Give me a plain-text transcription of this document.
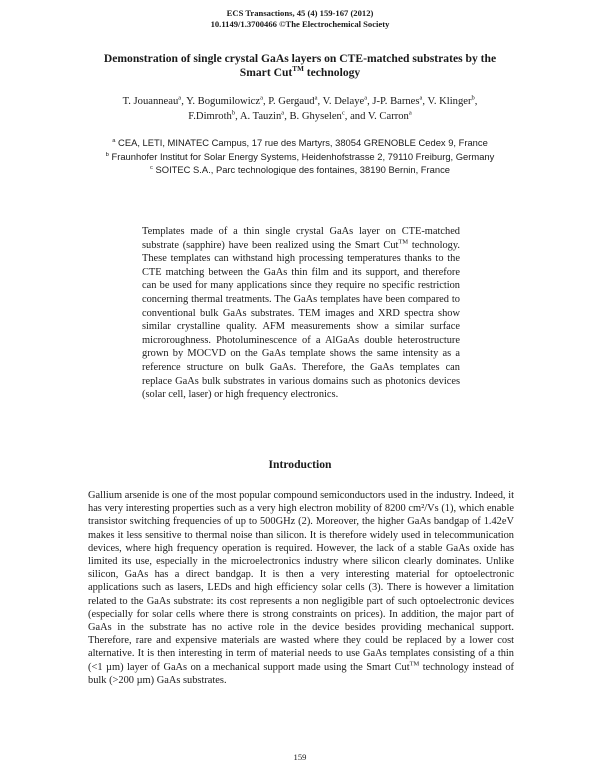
ECS Transactions, 45 (4) 159-167 (2012)
10.1149/1.3700466 ©The Electrochemical Society
Demonstration of single crystal GaAs layers on CTE-matched substrates by the Smart Cut™ technology

T. Jouanneau$^a$, Y. Bogumilowicz$^a$, P. Gergaud$^a$, V. Delaye$^a$, J-P. Barnes$^a$, V. Klinger$^b$,

F.Dimroth$^b$, A. Tauzin$^a$, B. Ghyselen$^c$, and V. Carron$^a$

$^a$ CEA, LETI, MINATEC Campus, 17 rue des Martyrs, 38054 GRENOBLE Cedex 9, France

$^b$ Fraunhofer Institut for Solar Energy Systems, Heidenhofstrasse 2, 79110 Freiburg, Germany

$^c$ SOITEC S.A., Parc technologique des fontaines, 38190 Bernin, France

Templates made of a thin single crystal GaAs layer on CTE-matched substrate (sapphire) have been realized using the Smart Cut™ technology. These templates can withstand high processing temperatures thanks to the CTE matching between the GaAs thin film and its support, and therefore can be used for many applications since they require no specific restriction concerning thermal treatments. The GaAs templates have been compared to conventional bulk GaAs substrates. TEM images and XRD spectra show similar crystalline quality. AFM measurements show a similar surface microroughness. Photoluminescence of a AlGaAs double heterostructure grown by MOCVD on the GaAs template shows the same intensity as a reference structure on bulk GaAs. Therefore, the GaAs templates can replace GaAs bulk substrates in various domains such as photonics devices (solar cell, laser) or high frequency electronics.

Introduction

Gallium arsenide is one of the most popular compound semiconductors used in the industry. Indeed, it has very interesting properties such as a very high electron mobility of 8200 cm²/Vs (1), which enable transistor switching frequencies of up to 500GHz (2). Moreover, the higher GaAs bandgap of 1.42eV makes it less sensitive to thermal noise than silicon. It is therefore widely used in telecommunication devices, where high frequency operation is required. However, the lack of a stable GaAs oxide has limited its use, especially in the microelectronics industry where silicon clearly dominates. Unlike silicon, GaAs has a direct bandgap. It is then a very interesting material for optoelectronic applications such as lasers, LEDs and high efficiency solar cells (3). There is however a limitation related to the GaAs substrate: its cost represents a non negligible part of such optoelectronic devices (especially for solar cells where there is strong constraints on prices). In addition, the major part of GaAs in the substrate has no active role in the device besides providing mechanical support. Therefore, rare and expensive materials are wasted where they could be replaced by a lower cost alternative. It is then interesting in term of material needs to use GaAs templates consisting of a thin (<1 µm) layer of GaAs on a mechanical support made using the Smart Cut™ technology instead of bulk (>200 µm) GaAs substrates.

159
